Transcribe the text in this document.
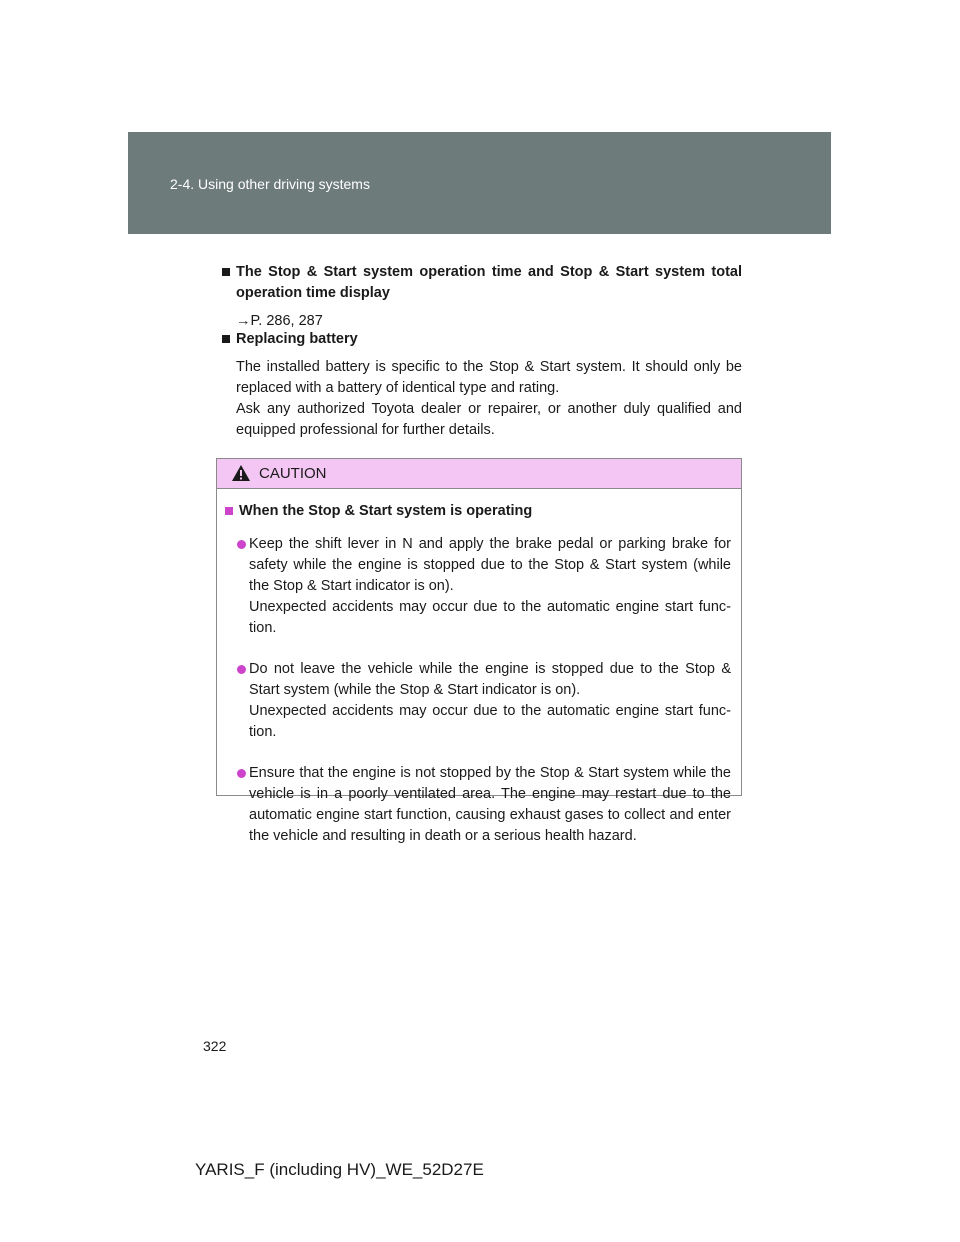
2-4. Using other driving systems
The Stop & Start system operation time and Stop & Start system total operation time display
→P. 286, 287
Replacing battery
The installed battery is specific to the Stop & Start system. It should only be replaced with a battery of identical type and rating.
Ask any authorized Toyota dealer or repairer, or another duly qualified and equipped professional for further details.
CAUTION
When the Stop & Start system is operating
Keep the shift lever in N and apply the brake pedal or parking brake for safety while the engine is stopped due to the Stop & Start system (while the Stop & Start indicator is on).
Unexpected accidents may occur due to the automatic engine start func-tion.
Do not leave the vehicle while the engine is stopped due to the Stop & Start system (while the Stop & Start indicator is on).
Unexpected accidents may occur due to the automatic engine start func-tion.
Ensure that the engine is not stopped by the Stop & Start system while the vehicle is in a poorly ventilated area. The engine may restart due to the automatic engine start function, causing exhaust gases to collect and enter the vehicle and resulting in death or a serious health hazard.
322
YARIS_F (including HV)_WE_52D27E
